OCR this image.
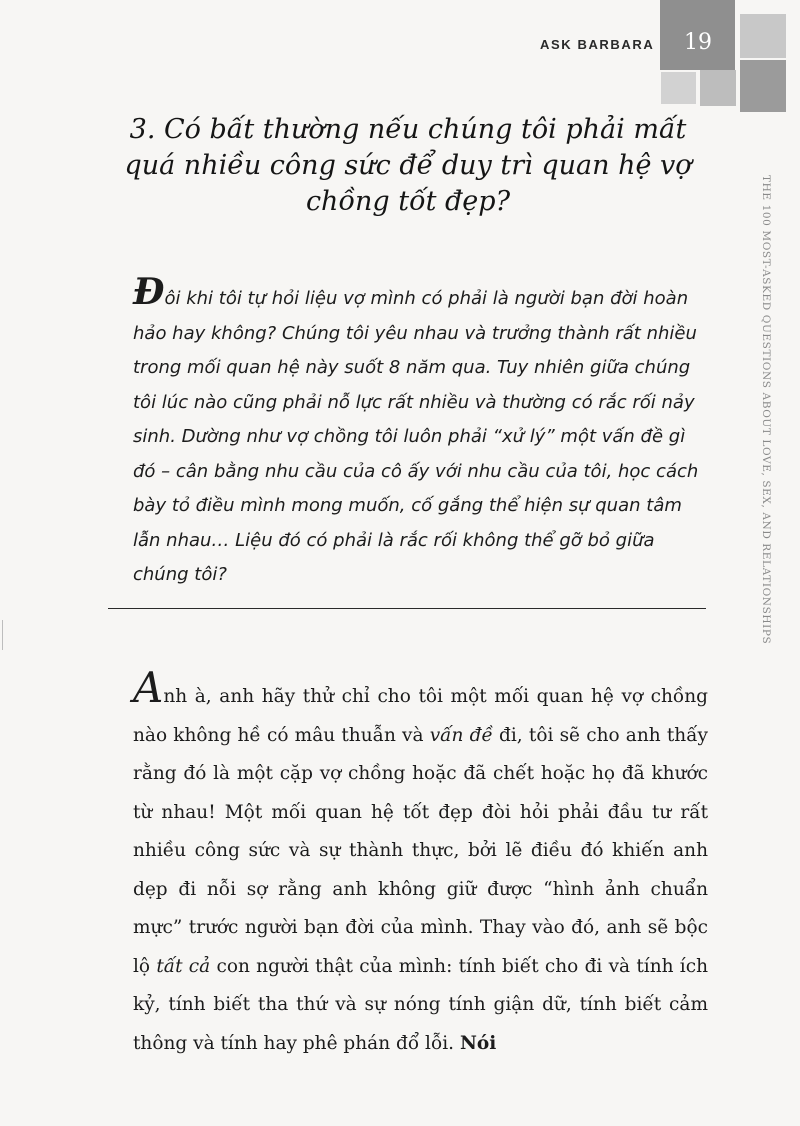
19
ASK BARBARA
THE 100 MOST-ASKED QUESTIONS ABOUT LOVE, SEX, AND RELATIONSHIPS
3. Có bất thường nếu chúng tôi phải mất quá nhiều công sức để duy trì quan hệ vợ chồng tốt đẹp?

Đôi khi tôi tự hỏi liệu vợ mình có phải là người bạn đời hoàn hảo hay không? Chúng tôi yêu nhau và trưởng thành rất nhiều trong mối quan hệ này suốt 8 năm qua. Tuy nhiên giữa chúng tôi lúc nào cũng phải nỗ lực rất nhiều và thường có rắc rối nảy sinh. Dường như vợ chồng tôi luôn phải “xử lý” một vấn đề gì đó – cân bằng nhu cầu của cô ấy với nhu cầu của tôi, học cách bày tỏ điều mình mong muốn, cố gắng thể hiện sự quan tâm lẫn nhau… Liệu đó có phải là rắc rối không thể gỡ bỏ giữa chúng tôi?

Anh à, anh hãy thử chỉ cho tôi một mối quan hệ vợ chồng nào không hề có mâu thuẫn và vấn đề đi, tôi sẽ cho anh thấy rằng đó là một cặp vợ chồng hoặc đã chết hoặc họ đã khước từ nhau! Một mối quan hệ tốt đẹp đòi hỏi phải đầu tư rất nhiều công sức và sự thành thực, bởi lẽ điều đó khiến anh dẹp đi nỗi sợ rằng anh không giữ được “hình ảnh chuẩn mực” trước người bạn đời của mình. Thay vào đó, anh sẽ bộc lộ tất cả con người thật của mình: tính biết cho đi và tính ích kỷ, tính biết tha thứ và sự nóng tính giận dữ, tính biết cảm thông và tính hay phê phán đổ lỗi. Nói
